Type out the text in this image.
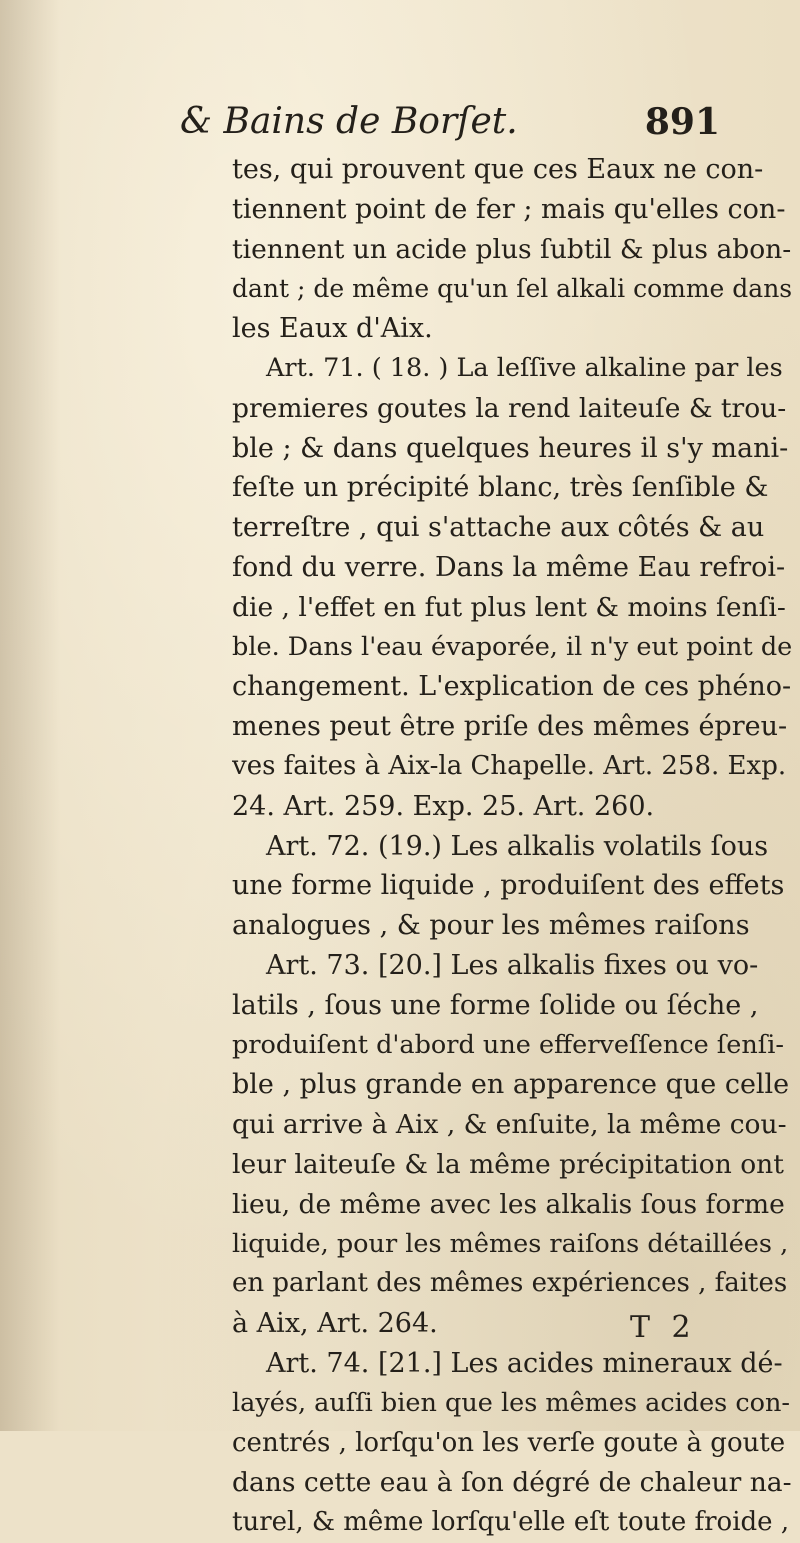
& Bains de Borſet.	891
tes, qui prouvent que ces Eaux ne con-
tiennent point de fer ; mais qu'elles con-
tiennent un acide plus ſubtil & plus abon-
dant ; de même qu'un ſel alkali comme dans
les Eaux d'Aix.
Art. 71. ( 18. ) La leſſive alkaline par les
premieres goutes la rend laiteuſe & trou-
ble ; & dans quelques heures il s'y mani-
feſte un précipité blanc, très ſenſible &
terreſtre , qui s'attache aux côtés & au
fond du verre. Dans la même Eau refroi-
die , l'effet en fut plus lent & moins ſenſi-
ble. Dans l'eau évaporée, il n'y eut point de
changement. L'explication de ces phéno-
menes peut être priſe des mêmes épreu-
ves faites à Aix-la Chapelle. Art. 258. Exp.
24. Art. 259. Exp. 25. Art. 260.
Art. 72. (19.) Les alkalis volatils ſous
une forme liquide , produiſent des effets
analogues , & pour les mêmes raiſons
Art. 73. [20.] Les alkalis fixes ou vo-
latils , ſous une forme ſolide ou ſéche ,
produiſent d'abord une efferveſſence ſenſi-
ble , plus grande en apparence que celle
qui arrive à Aix , & enſuite, la même cou-
leur laiteuſe & la même précipitation ont
lieu, de même avec les alkalis ſous forme
liquide, pour les mêmes raiſons détaillées ,
en parlant des mêmes expériences , faites
à Aix, Art. 264.
Art. 74. [21.] Les acides mineraux dé-
layés, auſſi bien que les mêmes acides con-
centrés , lorſqu'on les verſe goute à goute
dans cette eau à ſon dégré de chaleur na-
turel, & même lorſqu'elle eſt toute froide ,
T 2
